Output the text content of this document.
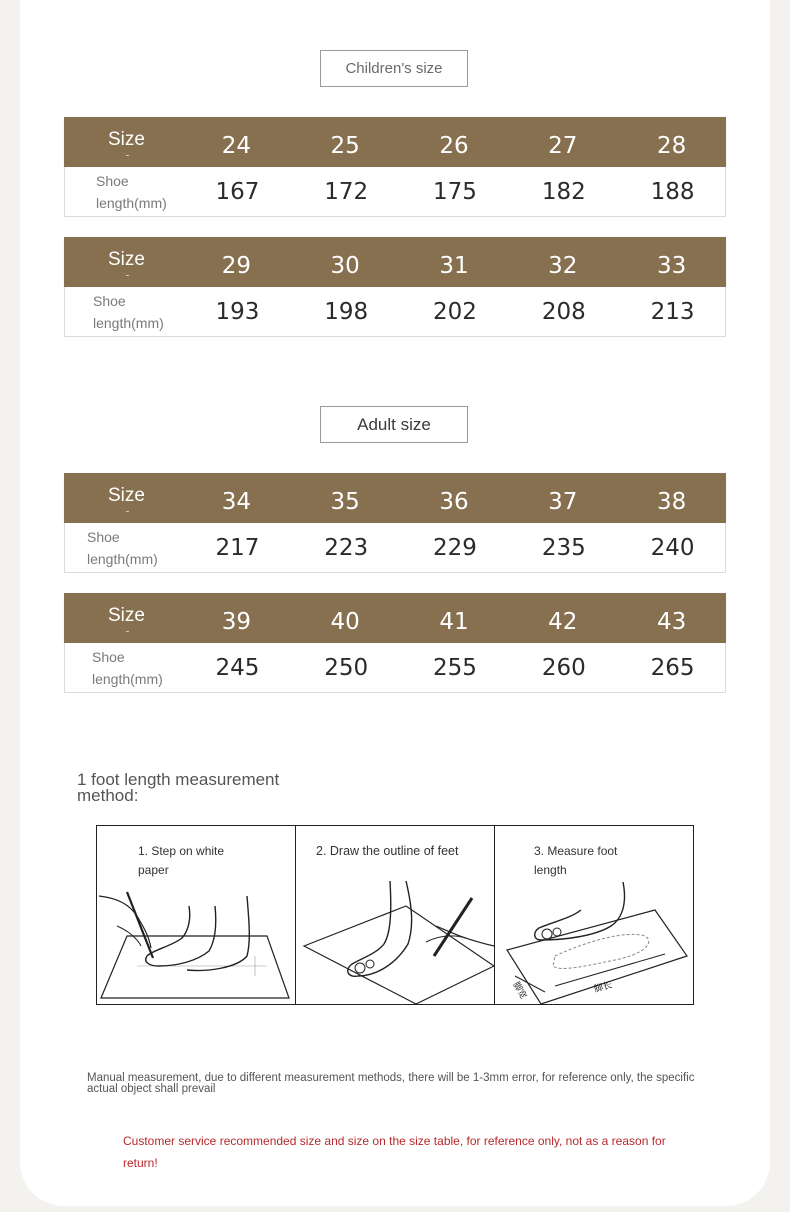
Children's size
Size	24	25	26	27	28
Shoe length(mm)	167	172	175	182	188
Size	29	30	31	32	33
Shoe length(mm)	193	198	202	208	213
Adult size
Size	34	35	36	37	38
Shoe length(mm)	217	223	229	235	240
Size	39	40	41	42	43
Shoe length(mm)	245	250	255	260	265
1 foot length measurement method:
1. Step on white paper
2. Draw the outline of feet
脚宽	脚长
3. Measure foot length
Manual measurement, due to different measurement methods, there will be 1-3mm error, for reference only, the specific actual object shall prevail
Customer service recommended size and size on the size table, for reference only, not as a reason for return!
